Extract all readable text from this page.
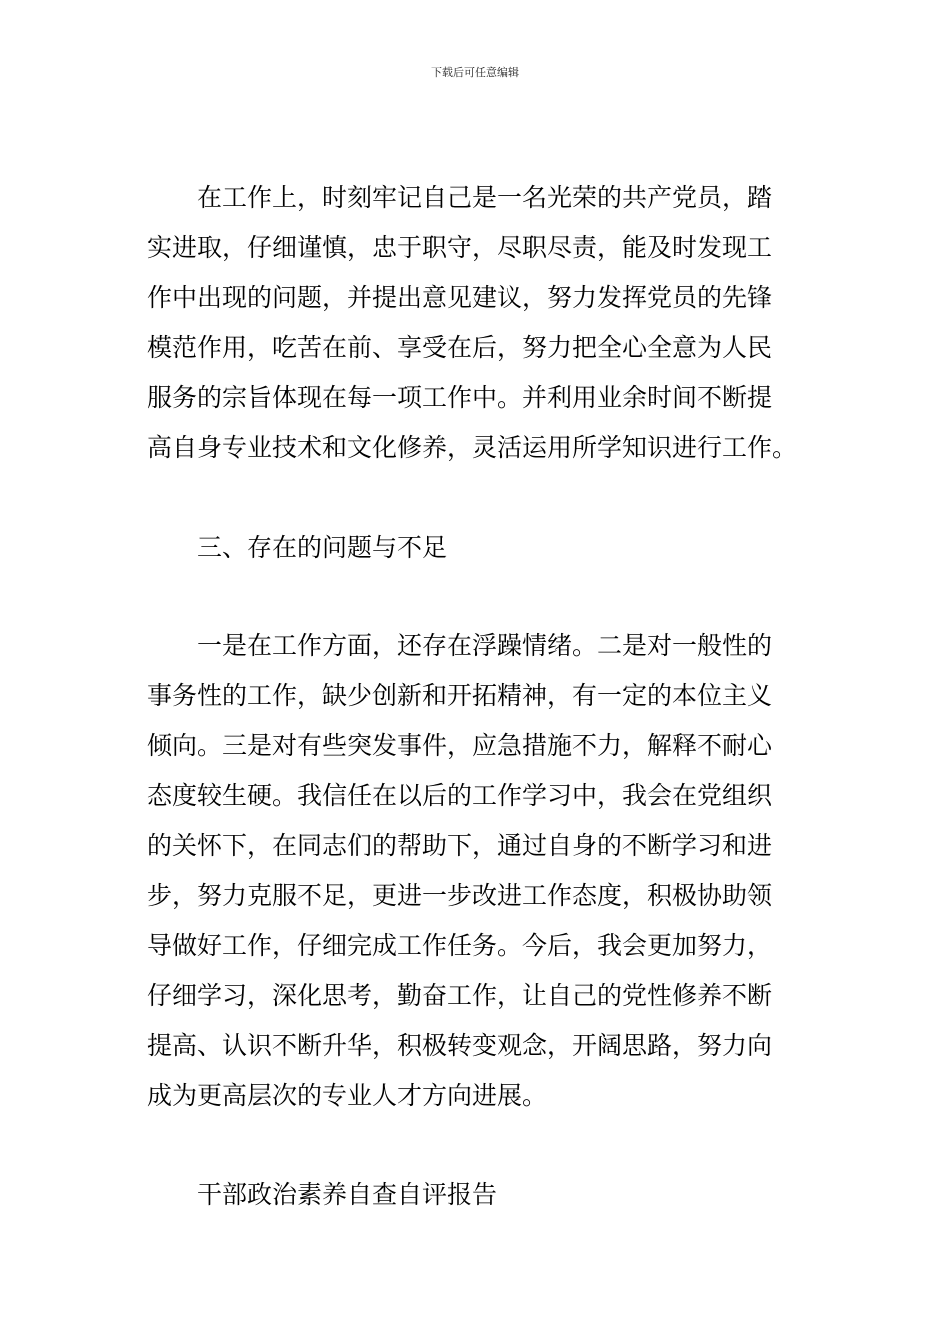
下载后可任意编辑
在工作上，时刻牢记自己是一名光荣的共产党员，踏
实进取，仔细谨慎，忠于职守，尽职尽责，能及时发现工
作中出现的问题，并提出意见建议，努力发挥党员的先锋
模范作用，吃苦在前、享受在后，努力把全心全意为人民
服务的宗旨体现在每一项工作中。并利用业余时间不断提
高自身专业技术和文化修养，灵活运用所学知识进行工作。
三、存在的问题与不足
一是在工作方面，还存在浮躁情绪。二是对一般性的
事务性的工作，缺少创新和开拓精神，有一定的本位主义
倾向。三是对有些突发事件，应急措施不力，解释不耐心
态度较生硬。我信任在以后的工作学习中，我会在党组织
的关怀下，在同志们的帮助下，通过自身的不断学习和进
步，努力克服不足，更进一步改进工作态度，积极协助领
导做好工作，仔细完成工作任务。今后，我会更加努力，
仔细学习，深化思考，勤奋工作，让自己的党性修养不断
提高、认识不断升华，积极转变观念，开阔思路，努力向
成为更高层次的专业人才方向进展。
干部政治素养自查自评报告
